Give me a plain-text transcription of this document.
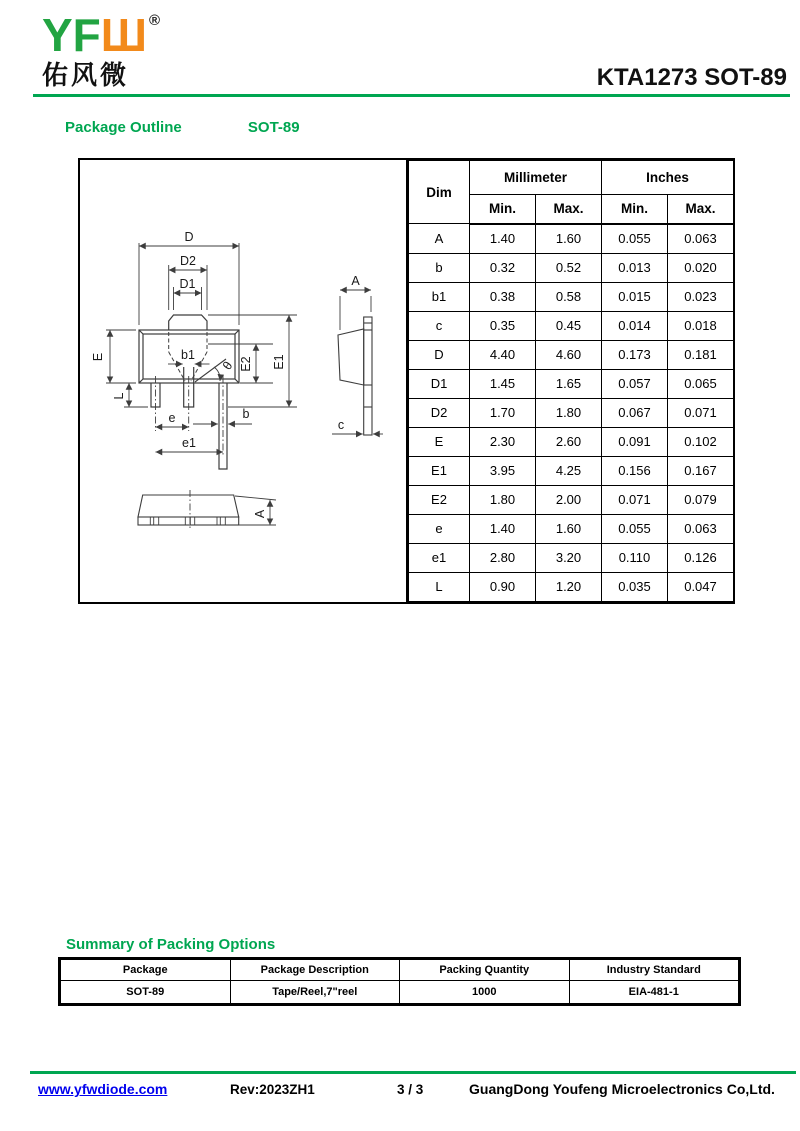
YFШ ®
佑风微	KTA1273 SOT-89
Package Outline	SOT-89
D
D2
D1
E
L
b1
θ E2 E1
e
e1
b
A
c
A
Dim	Millimeter		Inches	
	Min.	Max.	Min.	Max.
A	1.40	1.60	0.055	0.063
b	0.32	0.52	0.013	0.020
b1	0.38	0.58	0.015	0.023
c	0.35	0.45	0.014	0.018
D	4.40	4.60	0.173	0.181
D1	1.45	1.65	0.057	0.065
D2	1.70	1.80	0.067	0.071
E	2.30	2.60	0.091	0.102
E1	3.95	4.25	0.156	0.167
E2	1.80	2.00	0.071	0.079
e	1.40	1.60	0.055	0.063
e1	2.80	3.20	0.110	0.126
L	0.90	1.20	0.035	0.047
Summary of Packing Options
Package	Package Description	Packing Quantity	Industry Standard
SOT-89	Tape/Reel,7"reel	1000	EIA-481-1
www.yfwdiode.com	Rev:2023ZH1	3 / 3	GuangDong Youfeng Microelectronics Co,Ltd.
